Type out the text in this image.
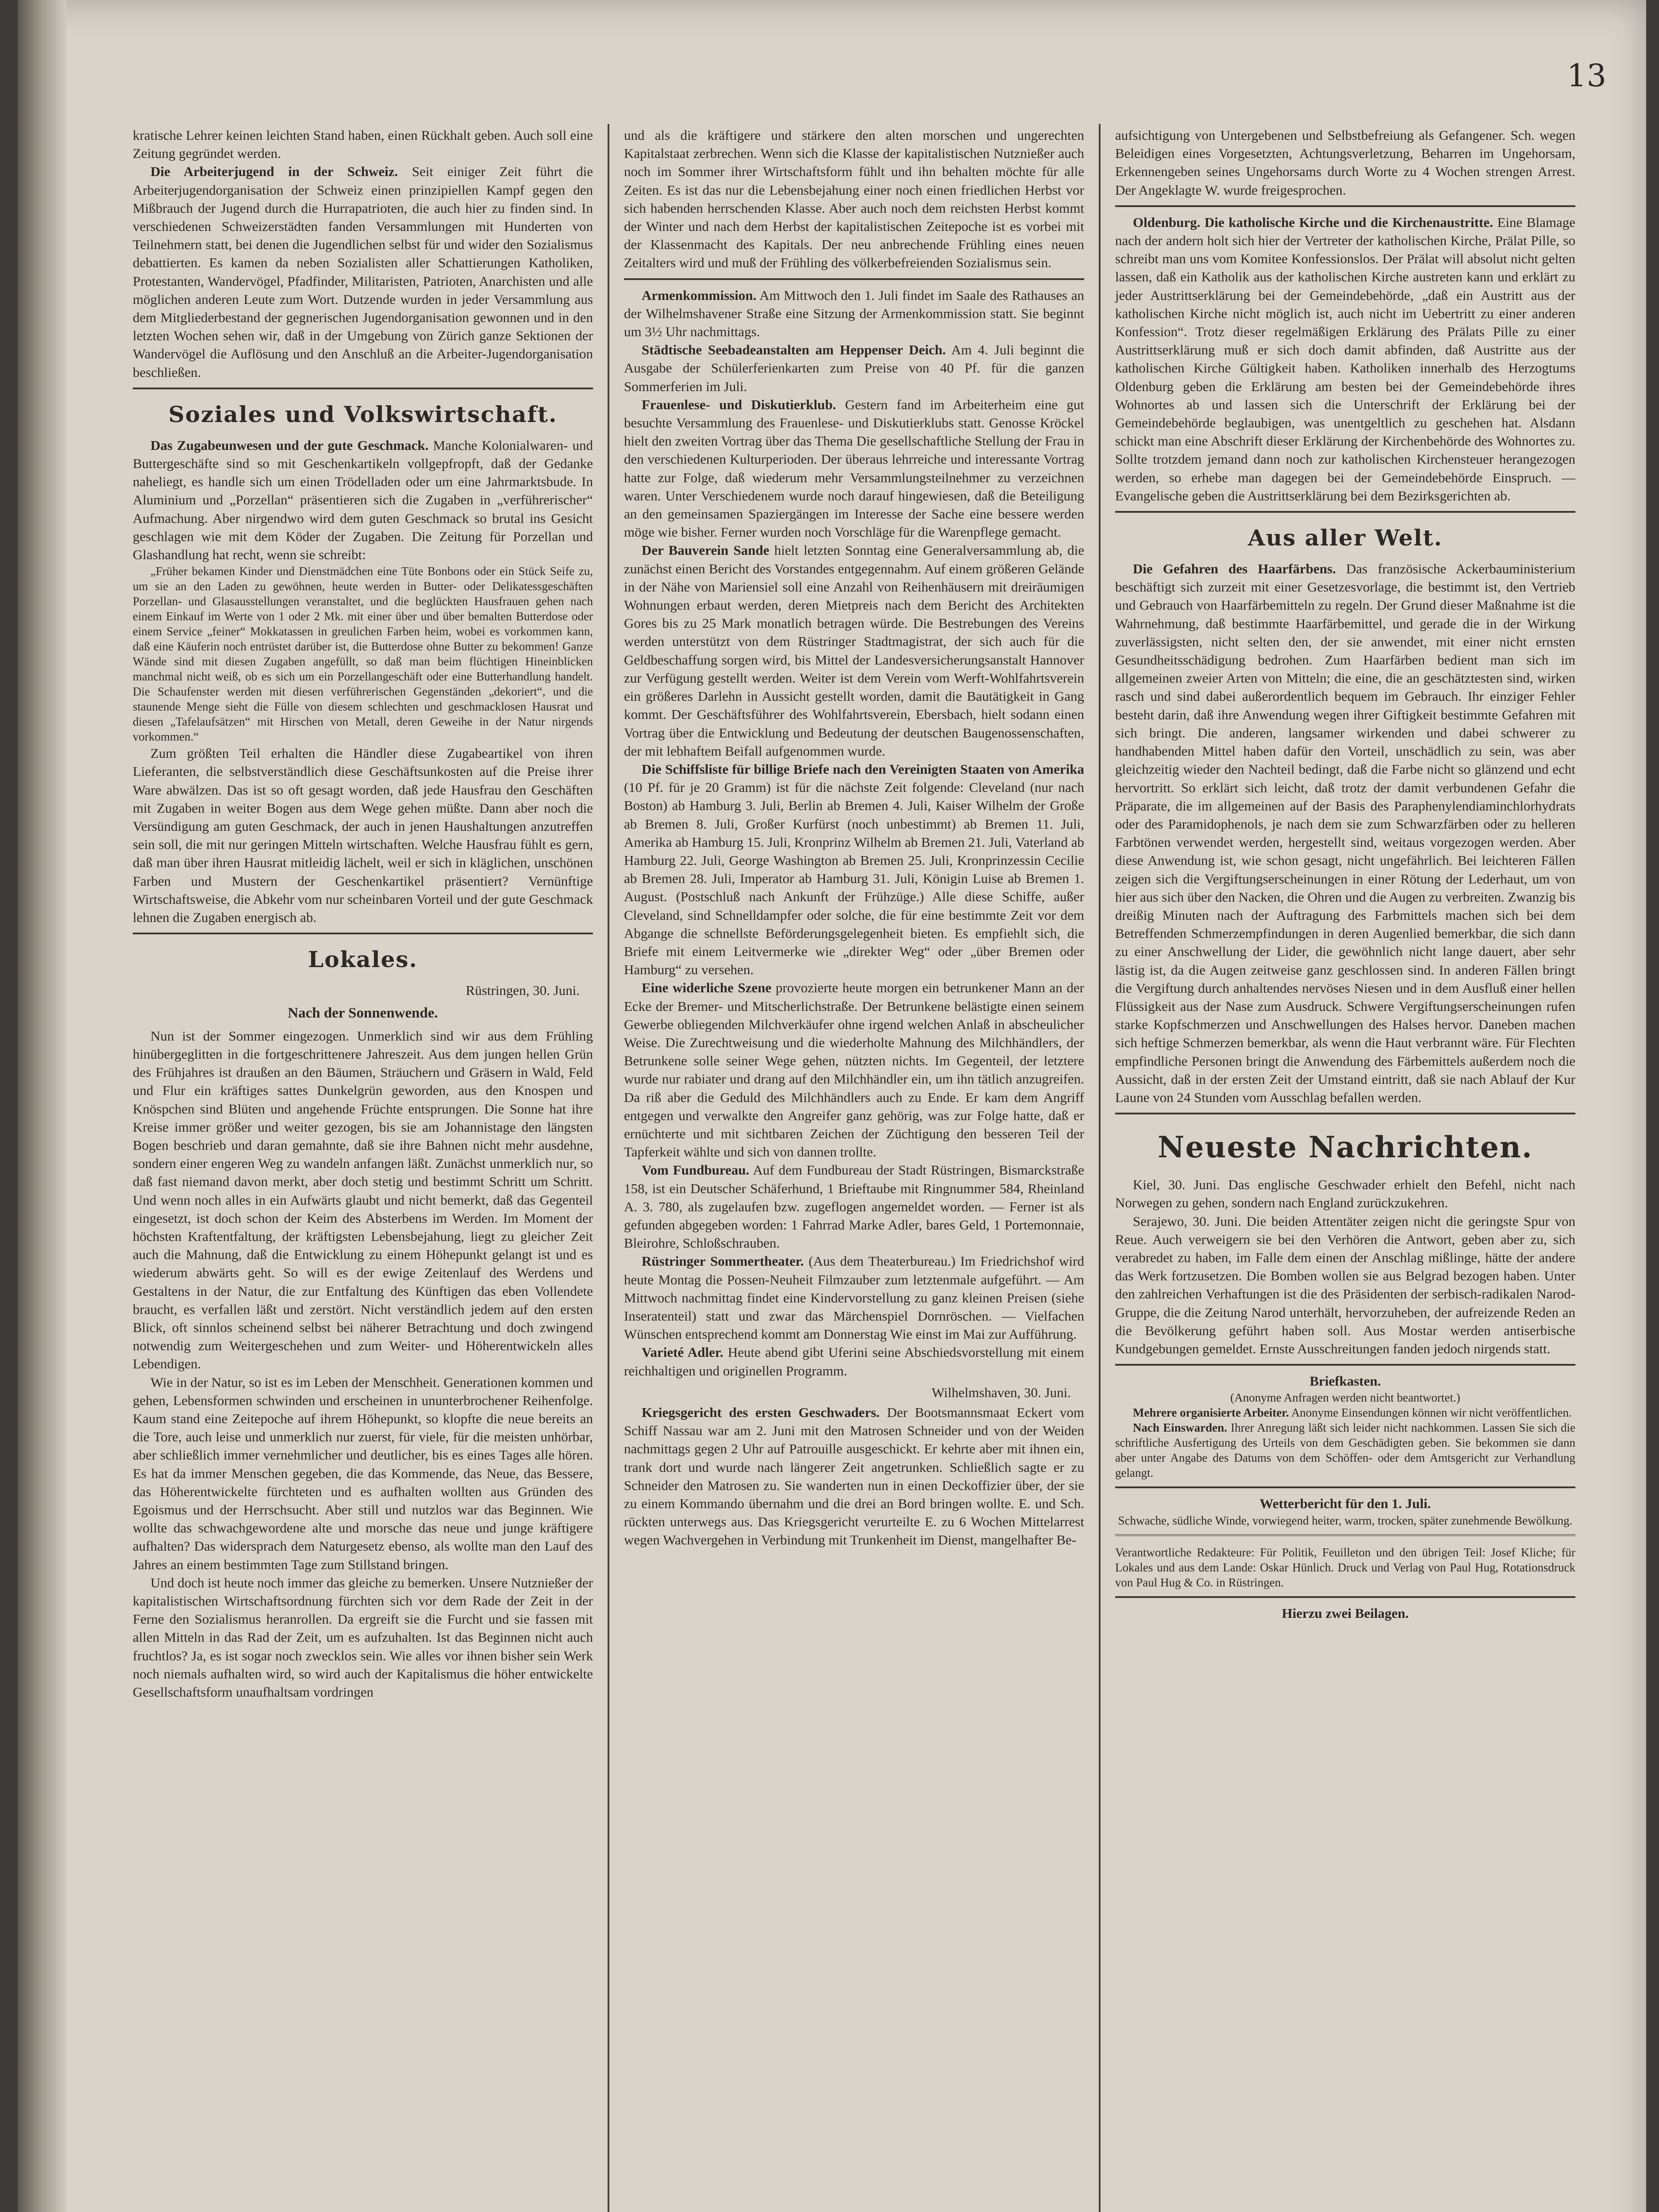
13

kratische Lehrer keinen leichten Stand haben, einen Rückhalt geben. Auch soll eine Zeitung gegründet werden.

Die Arbeiterjugend in der Schweiz. Seit einiger Zeit führt die Arbeiterjugendorganisation der Schweiz einen prinzipiellen Kampf gegen den Mißbrauch der Jugend durch die Hurrapatrioten, die auch hier zu finden sind. In verschiedenen Schweizerstädten fanden Versammlungen mit Hunderten von Teilnehmern statt, bei denen die Jugendlichen selbst für und wider den Sozialismus debattierten. Es kamen da neben Sozialisten aller Schattierungen Katholiken, Protestanten, Wandervögel, Pfadfinder, Militaristen, Patrioten, Anarchisten und alle möglichen anderen Leute zum Wort. Dutzende wurden in jeder Versammlung aus dem Mitgliederbestand der gegnerischen Jugendorganisation gewonnen und in den letzten Wochen sehen wir, daß in der Umgebung von Zürich ganze Sektionen der Wandervögel die Auflösung und den Anschluß an die Arbeiter-Jugendorganisation beschließen.

Soziales und Volkswirtschaft.

Das Zugabeunwesen und der gute Geschmack. Manche Kolonialwaren- und Buttergeschäfte sind so mit Geschenkartikeln vollgepfropft, daß der Gedanke naheliegt, es handle sich um einen Trödelladen oder um eine Jahrmarktsbude. In Aluminium und „Porzellan“ präsentieren sich die Zugaben in „verführerischer“ Aufmachung. Aber nirgendwo wird dem guten Geschmack so brutal ins Gesicht geschlagen wie mit dem Köder der Zugaben. Die Zeitung für Porzellan und Glashandlung hat recht, wenn sie schreibt:

„Früher bekamen Kinder und Dienstmädchen eine Tüte Bonbons oder ein Stück Seife zu, um sie an den Laden zu gewöhnen, heute werden in Butter- oder Delikatessgeschäften Porzellan- und Glasausstellungen veranstaltet, und die beglückten Hausfrauen gehen nach einem Einkauf im Werte von 1 oder 2 Mk. mit einer über und über bemalten Butterdose oder einem Service „feiner“ Mokkatassen in greulichen Farben heim, wobei es vorkommen kann, daß eine Käuferin noch entrüstet darüber ist, die Butterdose ohne Butter zu bekommen! Ganze Wände sind mit diesen Zugaben angefüllt, so daß man beim flüchtigen Hineinblicken manchmal nicht weiß, ob es sich um ein Porzellangeschäft oder eine Butterhandlung handelt. Die Schaufenster werden mit diesen verführerischen Gegenständen „dekoriert“, und die staunende Menge sieht die Fülle von diesem schlechten und geschmacklosen Hausrat und diesen „Tafelaufsätzen“ mit Hirschen von Metall, deren Geweihe in der Natur nirgends vorkommen.“

Zum größten Teil erhalten die Händler diese Zugabeartikel von ihren Lieferanten, die selbstverständlich diese Geschäftsunkosten auf die Preise ihrer Ware abwälzen. Das ist so oft gesagt worden, daß jede Hausfrau den Geschäften mit Zugaben in weiter Bogen aus dem Wege gehen müßte. Dann aber noch die Versündigung am guten Geschmack, der auch in jenen Haushaltungen anzutreffen sein soll, die mit nur geringen Mitteln wirtschaften. Welche Hausfrau fühlt es gern, daß man über ihren Hausrat mitleidig lächelt, weil er sich in kläglichen, unschönen Farben und Mustern der Geschenkartikel präsentiert? Vernünftige Wirtschaftsweise, die Abkehr vom nur scheinbaren Vorteil und der gute Geschmack lehnen die Zugaben energisch ab.

Lokales.

Rüstringen, 30. Juni.

Nach der Sonnenwende.

Nun ist der Sommer eingezogen. Unmerklich sind wir aus dem Frühling hinübergeglitten in die fortgeschrittenere Jahreszeit. Aus dem jungen hellen Grün des Frühjahres ist draußen an den Bäumen, Sträuchern und Gräsern in Wald, Feld und Flur ein kräftiges sattes Dunkelgrün geworden, aus den Knospen und Knöspchen sind Blüten und angehende Früchte entsprungen. Die Sonne hat ihre Kreise immer größer und weiter gezogen, bis sie am Johannistage den längsten Bogen beschrieb und daran gemahnte, daß sie ihre Bahnen nicht mehr ausdehne, sondern einer engeren Weg zu wandeln anfangen läßt. Zunächst unmerklich nur, so daß fast niemand davon merkt, aber doch stetig und bestimmt Schritt um Schritt. Und wenn noch alles in ein Aufwärts glaubt und nicht bemerkt, daß das Gegenteil eingesetzt, ist doch schon der Keim des Absterbens im Werden. Im Moment der höchsten Kraftentfaltung, der kräftigsten Lebensbejahung, liegt zu gleicher Zeit auch die Mahnung, daß die Entwicklung zu einem Höhepunkt gelangt ist und es wiederum abwärts geht. So will es der ewige Zeitenlauf des Werdens und Gestaltens in der Natur, die zur Entfaltung des Künftigen das eben Vollendete braucht, es verfallen läßt und zerstört. Nicht verständlich jedem auf den ersten Blick, oft sinnlos scheinend selbst bei näherer Betrachtung und doch zwingend notwendig zum Weitergeschehen und zum Weiter- und Höherentwickeln alles Lebendigen.

Wie in der Natur, so ist es im Leben der Menschheit. Generationen kommen und gehen, Lebensformen schwinden und erscheinen in ununterbrochener Reihenfolge. Kaum stand eine Zeitepoche auf ihrem Höhepunkt, so klopfte die neue bereits an die Tore, auch leise und unmerklich nur zuerst, für viele, für die meisten unhörbar, aber schließlich immer vernehmlicher und deutlicher, bis es eines Tages alle hören. Es hat da immer Menschen gegeben, die das Kommende, das Neue, das Bessere, das Höherentwickelte fürchteten und es aufhalten wollten aus Gründen des Egoismus und der Herrschsucht. Aber still und nutzlos war das Beginnen. Wie wollte das schwachgewordene alte und morsche das neue und junge kräftigere aufhalten? Das widersprach dem Naturgesetz ebenso, als wollte man den Lauf des Jahres an einem bestimmten Tage zum Stillstand bringen.

Und doch ist heute noch immer das gleiche zu bemerken. Unsere Nutznießer der kapitalistischen Wirtschaftsordnung fürchten sich vor dem Rade der Zeit in der Ferne den Sozialismus heranrollen. Da ergreift sie die Furcht und sie fassen mit allen Mitteln in das Rad der Zeit, um es aufzuhalten. Ist das Beginnen nicht auch fruchtlos? Ja, es ist sogar noch zwecklos sein. Wie alles vor ihnen bisher sein Werk noch niemals aufhalten wird, so wird auch der Kapitalismus die höher entwickelte Gesellschaftsform unaufhaltsam vordringen

und als die kräftigere und stärkere den alten morschen und ungerechten Kapitalstaat zerbrechen. Wenn sich die Klasse der kapitalistischen Nutznießer auch noch im Sommer ihrer Wirtschaftsform fühlt und ihn behalten möchte für alle Zeiten. Es ist das nur die Lebensbejahung einer noch einen friedlichen Herbst vor sich habenden herrschenden Klasse. Aber auch noch dem reichsten Herbst kommt der Winter und nach dem Herbst der kapitalistischen Zeitepoche ist es vorbei mit der Klassenmacht des Kapitals. Der neu anbrechende Frühling eines neuen Zeitalters wird und muß der Frühling des völkerbefreienden Sozialismus sein.

Armenkommission. Am Mittwoch den 1. Juli findet im Saale des Rathauses an der Wilhelmshavener Straße eine Sitzung der Armenkommission statt. Sie beginnt um 3½ Uhr nachmittags.

Städtische Seebadeanstalten am Heppenser Deich. Am 4. Juli beginnt die Ausgabe der Schülerferienkarten zum Preise von 40 Pf. für die ganzen Sommerferien im Juli.

Frauenlese- und Diskutierklub. Gestern fand im Arbeiterheim eine gut besuchte Versammlung des Frauenlese- und Diskutierklubs statt. Genosse Kröckel hielt den zweiten Vortrag über das Thema Die gesellschaftliche Stellung der Frau in den verschiedenen Kulturperioden. Der überaus lehrreiche und interessante Vortrag hatte zur Folge, daß wiederum mehr Versammlungsteilnehmer zu verzeichnen waren. Unter Verschiedenem wurde noch darauf hingewiesen, daß die Beteiligung an den gemeinsamen Spaziergängen im Interesse der Sache eine bessere werden möge wie bisher. Ferner wurden noch Vorschläge für die Warenpflege gemacht.

Der Bauverein Sande hielt letzten Sonntag eine Generalversammlung ab, die zunächst einen Bericht des Vorstandes entgegennahm. Auf einem größeren Gelände in der Nähe von Mariensiel soll eine Anzahl von Reihenhäusern mit dreiräumigen Wohnungen erbaut werden, deren Mietpreis nach dem Bericht des Architekten Gores bis zu 25 Mark monatlich betragen würde. Die Bestrebungen des Vereins werden unterstützt von dem Rüstringer Stadtmagistrat, der sich auch für die Geldbeschaffung sorgen wird, bis Mittel der Landesversicherungsanstalt Hannover zur Verfügung gestellt werden. Weiter ist dem Verein vom Werft-Wohlfahrtsverein ein größeres Darlehn in Aussicht gestellt worden, damit die Bautätigkeit in Gang kommt. Der Geschäftsführer des Wohlfahrtsverein, Ebersbach, hielt sodann einen Vortrag über die Entwicklung und Bedeutung der deutschen Baugenossenschaften, der mit lebhaftem Beifall aufgenommen wurde.

Die Schiffsliste für billige Briefe nach den Vereinigten Staaten von Amerika (10 Pf. für je 20 Gramm) ist für die nächste Zeit folgende: Cleveland (nur nach Boston) ab Hamburg 3. Juli, Berlin ab Bremen 4. Juli, Kaiser Wilhelm der Große ab Bremen 8. Juli, Großer Kurfürst (noch unbestimmt) ab Bremen 11. Juli, Amerika ab Hamburg 15. Juli, Kronprinz Wilhelm ab Bremen 21. Juli, Vaterland ab Hamburg 22. Juli, George Washington ab Bremen 25. Juli, Kronprinzessin Cecilie ab Bremen 28. Juli, Imperator ab Hamburg 31. Juli, Königin Luise ab Bremen 1. August. (Postschluß nach Ankunft der Frühzüge.) Alle diese Schiffe, außer Cleveland, sind Schnelldampfer oder solche, die für eine bestimmte Zeit vor dem Abgange die schnellste Beförderungsgelegenheit bieten. Es empfiehlt sich, die Briefe mit einem Leitvermerke wie „direkter Weg“ oder „über Bremen oder Hamburg“ zu versehen.

Eine widerliche Szene provozierte heute morgen ein betrunkener Mann an der Ecke der Bremer- und Mitscherlichstraße. Der Betrunkene belästigte einen seinem Gewerbe obliegenden Milchverkäufer ohne irgend welchen Anlaß in abscheulicher Weise. Die Zurechtweisung und die wiederholte Mahnung des Milchhändlers, der Betrunkene solle seiner Wege gehen, nützten nichts. Im Gegenteil, der letztere wurde nur rabiater und drang auf den Milchhändler ein, um ihn tätlich anzugreifen. Da riß aber die Geduld des Milchhändlers auch zu Ende. Er kam dem Angriff entgegen und verwalkte den Angreifer ganz gehörig, was zur Folge hatte, daß er ernüchterte und mit sichtbaren Zeichen der Züchtigung den besseren Teil der Tapferkeit wählte und sich von dannen trollte.

Vom Fundbureau. Auf dem Fundbureau der Stadt Rüstringen, Bismarckstraße 158, ist ein Deutscher Schäferhund, 1 Brieftaube mit Ringnummer 584, Rheinland A. 3. 780, als zugelaufen bzw. zugeflogen angemeldet worden. — Ferner ist als gefunden abgegeben worden: 1 Fahrrad Marke Adler, bares Geld, 1 Portemonnaie, Bleirohre, Schloßschrauben.

Rüstringer Sommertheater. (Aus dem Theaterbureau.) Im Friedrichshof wird heute Montag die Possen-Neuheit Filmzauber zum letztenmale aufgeführt. — Am Mittwoch nachmittag findet eine Kindervorstellung zu ganz kleinen Preisen (siehe Inseratenteil) statt und zwar das Märchenspiel Dornröschen. — Vielfachen Wünschen entsprechend kommt am Donnerstag Wie einst im Mai zur Aufführung.

Varieté Adler. Heute abend gibt Uferini seine Abschiedsvorstellung mit einem reichhaltigen und originellen Programm.

Wilhelmshaven, 30. Juni.

Kriegsgericht des ersten Geschwaders. Der Bootsmannsmaat Eckert vom Schiff Nassau war am 2. Juni mit den Matrosen Schneider und von der Weiden nachmittags gegen 2 Uhr auf Patrouille ausgeschickt. Er kehrte aber mit ihnen ein, trank dort und wurde nach längerer Zeit angetrunken. Schließlich sagte er zu Schneider den Matrosen zu. Sie wanderten nun in einen Deckoffizier über, der sie zu einem Kommando übernahm und die drei an Bord bringen wollte. E. und Sch. rückten unterwegs aus. Das Kriegsgericht verurteilte E. zu 6 Wochen Mittelarrest wegen Wachvergehen in Verbindung mit Trunkenheit im Dienst, mangelhafter Be-

aufsichtigung von Untergebenen und Selbstbefreiung als Gefangener. Sch. wegen Beleidigen eines Vorgesetzten, Achtungsverletzung, Beharren im Ungehorsam, Erkennengeben seines Ungehorsams durch Worte zu 4 Wochen strengen Arrest. Der Angeklagte W. wurde freigesprochen.

Oldenburg. Die katholische Kirche und die Kirchenaustritte. Eine Blamage nach der andern holt sich hier der Vertreter der katholischen Kirche, Prälat Pille, so schreibt man uns vom Komitee Konfessionslos. Der Prälat will absolut nicht gelten lassen, daß ein Katholik aus der katholischen Kirche austreten kann und erklärt zu jeder Austrittserklärung bei der Gemeindebehörde, „daß ein Austritt aus der katholischen Kirche nicht möglich ist, auch nicht im Uebertritt zu einer anderen Konfession“. Trotz dieser regelmäßigen Erklärung des Prälats Pille zu einer Austrittserklärung muß er sich doch damit abfinden, daß Austritte aus der katholischen Kirche Gültigkeit haben. Katholiken innerhalb des Herzogtums Oldenburg geben die Erklärung am besten bei der Gemeindebehörde ihres Wohnortes ab und lassen sich die Unterschrift der Erklärung bei der Gemeindebehörde beglaubigen, was unentgeltlich zu geschehen hat. Alsdann schickt man eine Abschrift dieser Erklärung der Kirchenbehörde des Wohnortes zu. Sollte trotzdem jemand dann noch zur katholischen Kirchensteuer herangezogen werden, so erhebe man dagegen bei der Gemeindebehörde Einspruch. — Evangelische geben die Austrittserklärung bei dem Bezirksgerichten ab.

Aus aller Welt.

Die Gefahren des Haarfärbens. Das französische Ackerbauministerium beschäftigt sich zurzeit mit einer Gesetzesvorlage, die bestimmt ist, den Vertrieb und Gebrauch von Haarfärbemitteln zu regeln. Der Grund dieser Maßnahme ist die Wahrnehmung, daß bestimmte Haarfärbemittel, und gerade die in der Wirkung zuverlässigsten, nicht selten den, der sie anwendet, mit einer nicht ernsten Gesundheitsschädigung bedrohen. Zum Haarfärben bedient man sich im allgemeinen zweier Arten von Mitteln; die eine, die an geschätztesten sind, wirken rasch und sind dabei außerordentlich bequem im Gebrauch. Ihr einziger Fehler besteht darin, daß ihre Anwendung wegen ihrer Giftigkeit bestimmte Gefahren mit sich bringt. Die anderen, langsamer wirkenden und dabei schwerer zu handhabenden Mittel haben dafür den Vorteil, unschädlich zu sein, was aber gleichzeitig wieder den Nachteil bedingt, daß die Farbe nicht so glänzend und echt hervortritt. So erklärt sich leicht, daß trotz der damit verbundenen Gefahr die Präparate, die im allgemeinen auf der Basis des Paraphenylendiaminchlorhydrats oder des Paramidophenols, je nach dem sie zum Schwarzfärben oder zu helleren Farbtönen verwendet werden, hergestellt sind, weitaus vorgezogen werden. Aber diese Anwendung ist, wie schon gesagt, nicht ungefährlich. Bei leichteren Fällen zeigen sich die Vergiftungserscheinungen in einer Rötung der Lederhaut, um von hier aus sich über den Nacken, die Ohren und die Augen zu verbreiten. Zwanzig bis dreißig Minuten nach der Auftragung des Farbmittels machen sich bei dem Betreffenden Schmerzempfindungen in deren Augenlied bemerkbar, die sich dann zu einer Anschwellung der Lider, die gewöhnlich nicht lange dauert, aber sehr lästig ist, da die Augen zeitweise ganz geschlossen sind. In anderen Fällen bringt die Vergiftung durch anhaltendes nervöses Niesen und in dem Ausfluß einer hellen Flüssigkeit aus der Nase zum Ausdruck. Schwere Vergiftungserscheinungen rufen starke Kopfschmerzen und Anschwellungen des Halses hervor. Daneben machen sich heftige Schmerzen bemerkbar, als wenn die Haut verbrannt wäre. Für Flechten empfindliche Personen bringt die Anwendung des Färbemittels außerdem noch die Aussicht, daß in der ersten Zeit der Umstand eintritt, daß sie nach Ablauf der Kur Laune von 24 Stunden vom Ausschlag befallen werden.

Neueste Nachrichten.

Kiel, 30. Juni. Das englische Geschwader erhielt den Befehl, nicht nach Norwegen zu gehen, sondern nach England zurückzukehren.

Serajewo, 30. Juni. Die beiden Attentäter zeigen nicht die geringste Spur von Reue. Auch verweigern sie bei den Verhören die Antwort, geben aber zu, sich verabredet zu haben, im Falle dem einen der Anschlag mißlinge, hätte der andere das Werk fortzusetzen. Die Bomben wollen sie aus Belgrad bezogen haben. Unter den zahlreichen Verhaftungen ist die des Präsidenten der serbisch-radikalen Narod-Gruppe, die die Zeitung Narod unterhält, hervorzuheben, der aufreizende Reden an die Bevölkerung geführt haben soll. Aus Mostar werden antiserbische Kundgebungen gemeldet. Ernste Ausschreitungen fanden jedoch nirgends statt.

Briefkasten.

(Anonyme Anfragen werden nicht beantwortet.)

Mehrere organisierte Arbeiter. Anonyme Einsendungen können wir nicht veröffentlichen.

Nach Einswarden. Ihrer Anregung läßt sich leider nicht nachkommen. Lassen Sie sich die schriftliche Ausfertigung des Urteils von dem Geschädigten geben. Sie bekommen sie dann aber unter Angabe des Datums von dem Schöffen- oder dem Amtsgericht zur Verhandlung gelangt.

Wetterbericht für den 1. Juli.

Schwache, südliche Winde, vorwiegend heiter, warm, trocken, später zunehmende Bewölkung.

Verantwortliche Redakteure: Für Politik, Feuilleton und den übrigen Teil: Josef Kliche; für Lokales und aus dem Lande: Oskar Hünlich. Druck und Verlag von Paul Hug, Rotationsdruck von Paul Hug & Co. in Rüstringen.

Hierzu zwei Beilagen.
